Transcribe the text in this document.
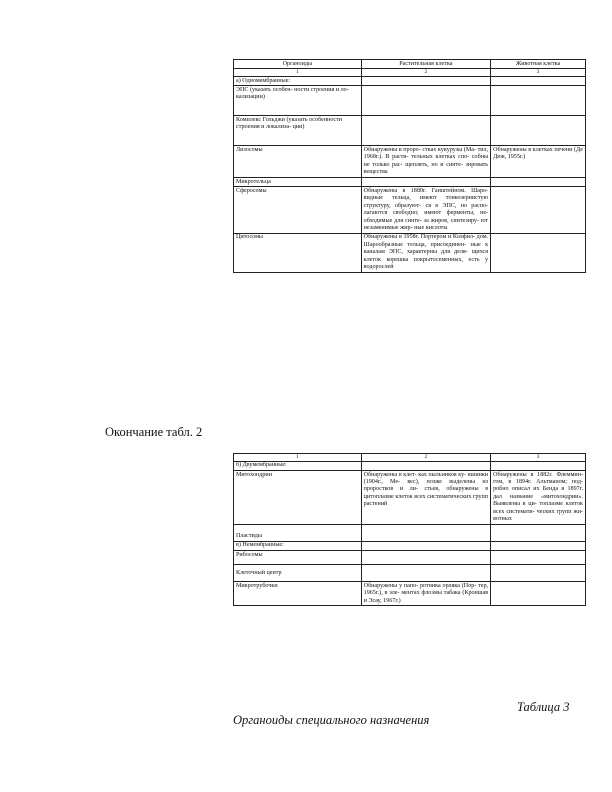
Органоиды	Растительная клетка	Животная клетка
1	2	3
а) Одномембранные:		
ЭПС (указать особен- ности строения и ло- кализации)		
Комплекс Гольджи (указать особенности строения и локализа- ции)		
Лизосомы	Обнаружены в проро- стках кукурузы (Ма- тил, 1968г.). В расти- тельных клетках спо- собны не только рас- щеплять, но и синте- зировать вещества	Обнаружены в клетках печени (Де Дюв, 1955г.)
Микротельца		
Сферосомы	Обнаружены в 1880г. Ганштейном. Шаро- видные тельца, имеют тонкозернистую структуру, образуют- ся в ЭПС, но распо- лагаются свободно; имеют ферменты, не- обходимые для синте- за жиров, синтезиру- ют незаменимые жир- ные кислоты	
Цитосомы	Обнаружены в 1958г. Портером и Колфил- дом. Шарообразные тельца, присоединен- ные к каналам ЭПС, характерны для деля- щихся клеток корешка покрытосеменных, есть у водорослей	
Окончание табл. 2
1	2	3
б) Двумембранные:		
Митохондрии	Обнаружены в клет- ках пыльников ку- вшинки (1904г., Ме- вес), позже выделены из проростков и ли- стьев, обнаружены в цитоплазме клеток всех систематических групп растений	Обнаружены в 1882г. Флеммин- гом, в 1894г. Альтманом; под- робно описал их Бенда в 1897г. дал название «митохондрии». Выявлены в ци- топлазме клеток всех системати- ческих групп жи- вотных
Пластиды		
в) Немембранные:		
Рибосомы		
Клеточный центр		
Микротрубочки	Обнаружены у папо- ротника орляка (Пор- тер, 1965г.), в эле- ментах флоэмы табака (Кроншав и Эсау, 1967г.)	
Таблица 3
Органоиды специального назначения
